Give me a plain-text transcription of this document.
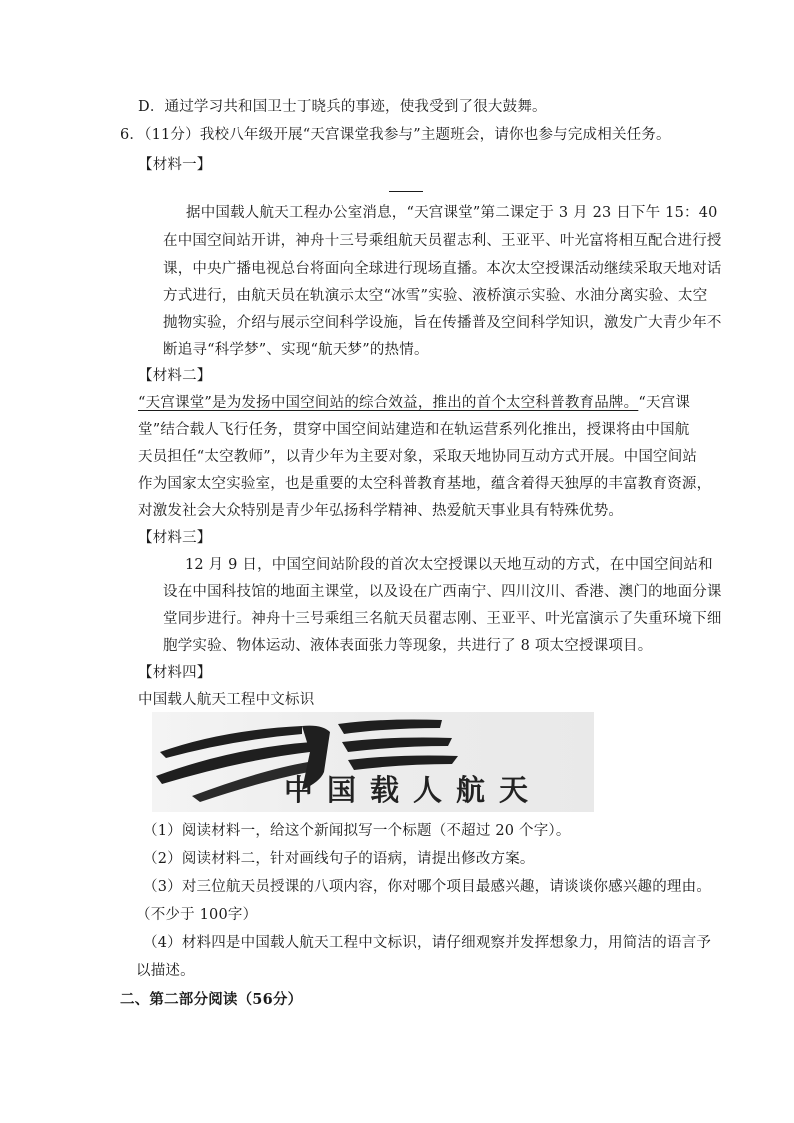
D．通过学习共和国卫士丁晓兵的事迹，使我受到了很大鼓舞。
6．（11分）我校八年级开展“天宫课堂我参与”主题班会，请你也参与完成相关任务。
【材料一】
据中国载人航天工程办公室消息，“天宫课堂”第二课定于 3 月 23 日下午 15：40
在中国空间站开讲，神舟十三号乘组航天员翟志利、王亚平、叶光富将相互配合进行授
课，中央广播电视总台将面向全球进行现场直播。本次太空授课活动继续采取天地对话
方式进行，由航天员在轨演示太空“冰雪”实验、液桥演示实验、水油分离实验、太空
抛物实验，介绍与展示空间科学设施，旨在传播普及空间科学知识，激发广大青少年不
断追寻“科学梦”、实现“航天梦”的热情。
【材料二】
“天宫课堂”是为发扬中国空间站的综合效益，推出的首个太空科普教育品牌。“天宫课
堂”结合载人飞行任务，贯穿中国空间站建造和在轨运营系列化推出，授课将由中国航
天员担任“太空教师”，以青少年为主要对象，采取天地协同互动方式开展。中国空间站
作为国家太空实验室，也是重要的太空科普教育基地，蕴含着得天独厚的丰富教育资源，
对激发社会大众特别是青少年弘扬科学精神、热爱航天事业具有特殊优势。
【材料三】
12 月 9 日，中国空间站阶段的首次太空授课以天地互动的方式，在中国空间站和
设在中国科技馆的地面主课堂，以及设在广西南宁、四川汶川、香港、澳门的地面分课
堂同步进行。神舟十三号乘组三名航天员翟志刚、王亚平、叶光富演示了失重环境下细
胞学实验、物体运动、液体表面张力等现象，共进行了 8 项太空授课项目。
【材料四】
中国载人航天工程中文标识
中国载人航天
（1）阅读材料一，给这个新闻拟写一个标题（不超过 20 个字）。
（2）阅读材料二，针对画线句子的语病，请提出修改方案。
（3）对三位航天员授课的八项内容，你对哪个项目最感兴趣，请谈谈你感兴趣的理由。
（不少于 100字）
（4）材料四是中国载人航天工程中文标识，请仔细观察并发挥想象力，用简洁的语言予
以描述。
二、第二部分阅读（56分）
